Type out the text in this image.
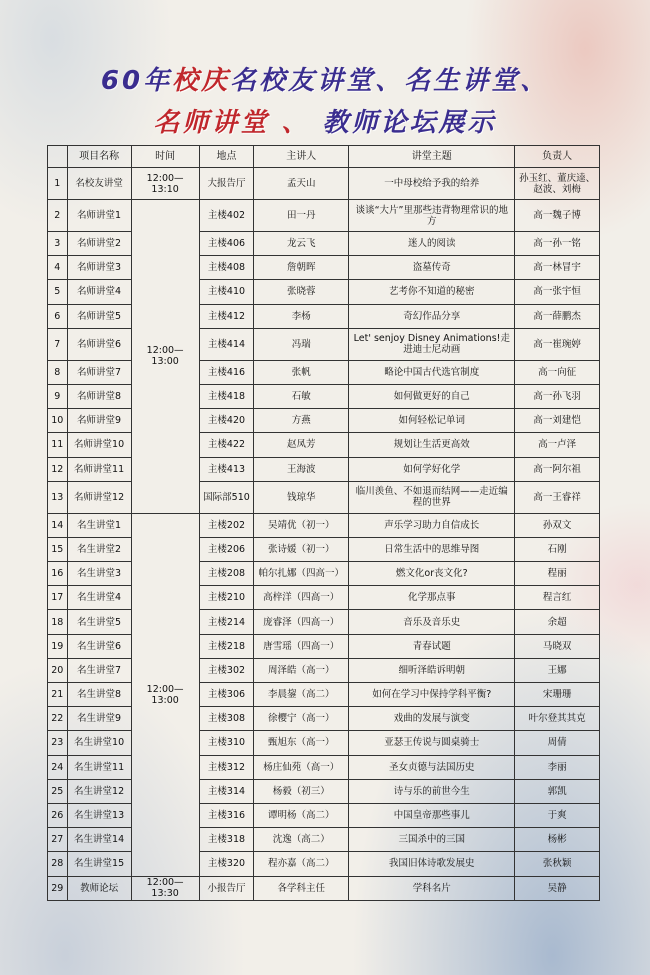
60年校庆名校友讲堂、名生讲堂、
名师讲堂 、 教师论坛展示
	项目名称	时间	地点	主讲人	讲堂主题	负责人
1	名校友讲堂	12:00—13:10	大报告厅	孟天山	一中母校给予我的给养	孙玉红、董庆逵、赵波、刘梅
2	名师讲堂1	12:00—13:00	主楼402	田一丹	谈谈“大片”里那些违背物理常识的地方	高一魏子博
3	名师讲堂2		主楼406	龙云飞	迷人的阅读	高一孙一铭
4	名师讲堂3		主楼408	詹朝晖	盗墓传奇	高一林冒宇
5	名师讲堂4		主楼410	张晓蓉	艺考你不知道的秘密	高一张宇恒
6	名师讲堂5		主楼412	李杨	奇幻作品分享	高一薛鹏杰
7	名师讲堂6		主楼414	冯瑞	Let' senjoy Disney Animations!走进迪士尼动画	高一崔琬婷
8	名师讲堂7		主楼416	张帆	略论中国古代选官制度	高一向征
9	名师讲堂8		主楼418	石敏	如何做更好的自己	高一孙飞羽
10	名师讲堂9		主楼420	方燕	如何轻松记单词	高一刘建恺
11	名师讲堂10		主楼422	赵凤芳	规划让生活更高效	高一卢泽
12	名师讲堂11		主楼413	王海波	如何学好化学	高一阿尔祖
13	名师讲堂12		国际部510	钱琼华	临川羡鱼、不如退而结网——走近编程的世界	高一王睿祥
14	名生讲堂1	12:00—13:00	主楼202	吴靖优（初一）	声乐学习助力自信成长	孙双文
15	名生讲堂2		主楼206	张诗媛（初一）	日常生活中的思维导图	石刚
16	名生讲堂3		主楼208	帕尔扎娜（四高一）	燃文化or丧文化?	程丽
17	名生讲堂4		主楼210	高梓洋（四高一）	化学那点事	程言红
18	名生讲堂5		主楼214	庞睿泽（四高一）	音乐及音乐史	余超
19	名生讲堂6		主楼218	唐雪瑶（四高一）	青春试题	马晓双
20	名生讲堂7		主楼302	周泽皓（高一）	细听泽皓诉明朝	王娜
21	名生讲堂8		主楼306	李晨鋆（高二）	如何在学习中保持学科平衡?	宋珊珊
22	名生讲堂9		主楼308	徐樱宁（高一）	戏曲的发展与演变	叶尔登其其克
23	名生讲堂10		主楼310	甄旭东（高一）	亚瑟王传说与圆桌骑士	周倩
24	名生讲堂11		主楼312	杨庄仙苑（高一）	圣女贞德与法国历史	李丽
25	名生讲堂12		主楼314	杨毅（初三）	诗与乐的前世今生	郭凯
26	名生讲堂13		主楼316	谭明杨（高二）	中国皇帝那些事儿	于爽
27	名生讲堂14		主楼318	沈逸（高二）	三国杀中的三国	杨彬
28	名生讲堂15		主楼320	程亦嘉（高二）	我国旧体诗歌发展史	张秋颖
29	教师论坛	12:00—13:30	小报告厅	各学科主任	学科名片	吴静
